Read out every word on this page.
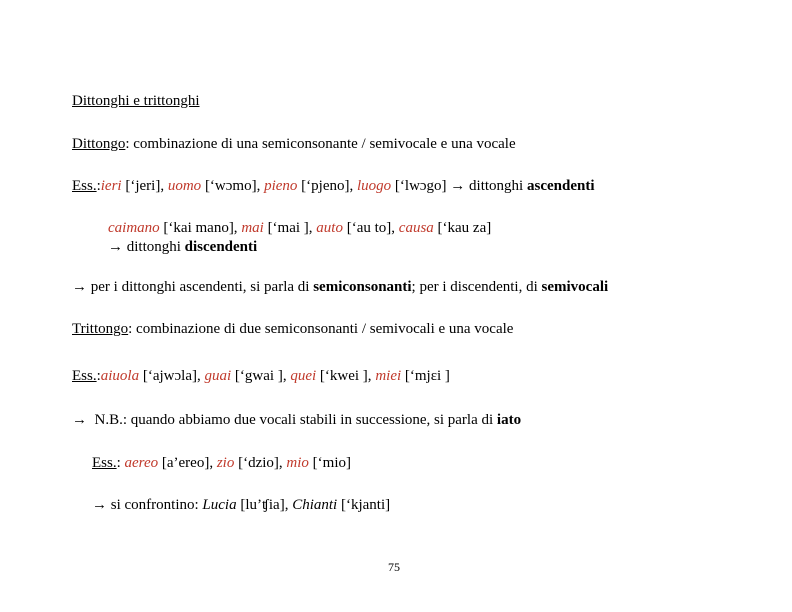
Dittonghi e trittonghi
Dittongo: combinazione di una semiconsonante / semivocale e una vocale
Ess.:ieri [‘jeri], uomo [‘wɔmo], pieno [‘pjeno], luogo [‘lwɔgo] → dittonghi ascendenti
caimano [‘kai mano], mai [‘mai ], auto [‘au to], causa [‘kau za]
→ dittonghi discendenti
→ per i dittonghi ascendenti, si parla di semiconsonanti; per i discendenti, di semivocali
Trittongo: combinazione di due semiconsonanti / semivocali e una vocale
Ess.:aiuola [‘ajwɔla], guai [‘gwai ], quei [‘kwei ], miei [‘mjɛi ]
→  N.B.: quando abbiamo due vocali stabili in successione, si parla di iato
Ess.: aereo [a’ereo], zio [‘dzio], mio [‘mio]
→ si confrontino: Lucia [lu’ʧia], Chianti [‘kjanti]
75
